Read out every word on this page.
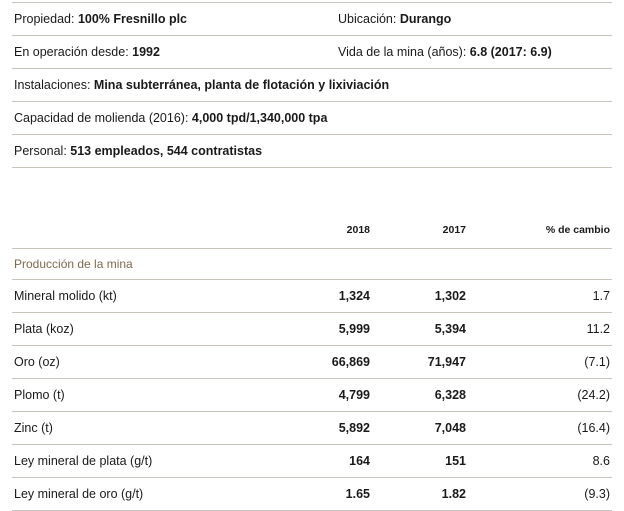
Propiedad: 100% Fresnillo plc	Ubicación: Durango
En operación desde: 1992	Vida de la mina (años): 6.8 (2017: 6.9)
Instalaciones: Mina subterránea, planta de flotación y lixiviación	
Capacidad de molienda (2016): 4,000 tpd/1,340,000 tpa	
Personal: 513 empleados, 544 contratistas	
	2018	2017	% de cambio
Producción de la mina			
Mineral molido (kt)	1,324	1,302	1.7
Plata (koz)	5,999	5,394	11.2
Oro (oz)	66,869	71,947	(7.1)
Plomo (t)	4,799	6,328	(24.2)
Zinc (t)	5,892	7,048	(16.4)
Ley mineral de plata (g/t)	164	151	8.6
Ley mineral de oro (g/t)	1.65	1.82	(9.3)
